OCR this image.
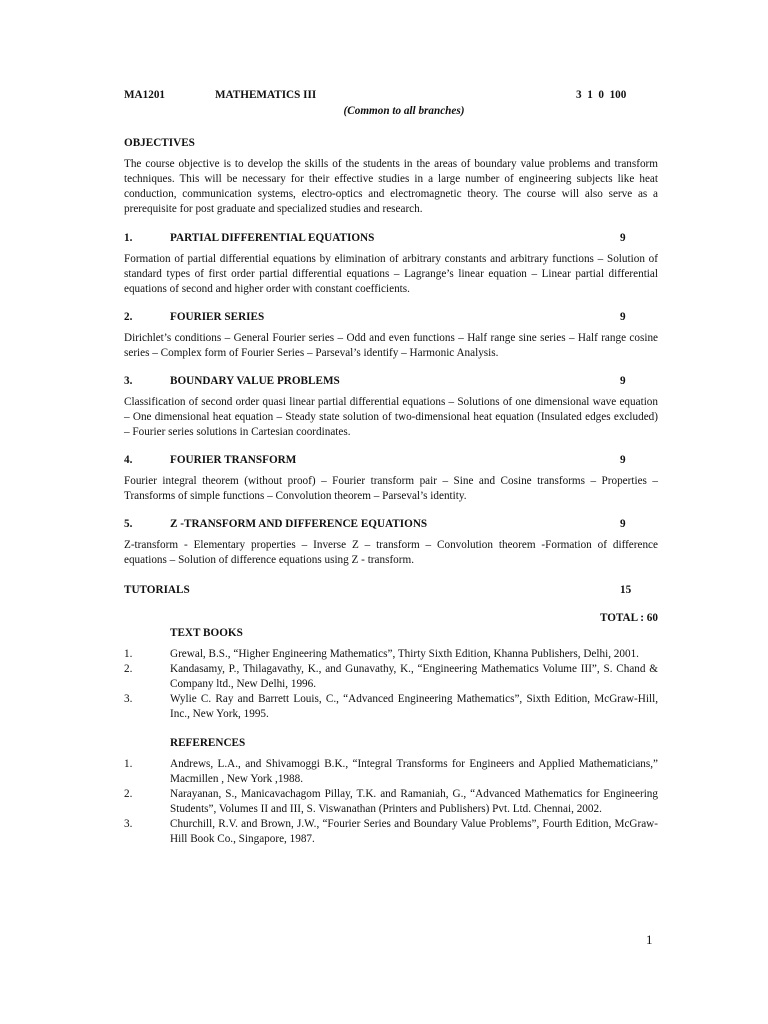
MA1201	MATHEMATICS III	3  1  0  100
(Common to all branches)
OBJECTIVES

The course objective is to develop the skills of the students in the areas of boundary value problems and transform techniques. This will be necessary for their effective studies in a large number of engineering subjects like heat conduction, communication systems, electro-optics and electromagnetic theory. The course will also serve as a prerequisite for post graduate and specialized studies and research.

1.	PARTIAL DIFFERENTIAL EQUATIONS	9

Formation of partial differential equations by elimination of arbitrary constants and arbitrary functions – Solution of standard types of first order partial differential equations – Lagrange’s linear equation – Linear partial differential equations of second and higher order with constant coefficients.

2.	FOURIER SERIES	9

Dirichlet’s conditions – General Fourier series – Odd and even functions – Half range sine series – Half range cosine series – Complex form of Fourier Series – Parseval’s identify – Harmonic Analysis.

3.	BOUNDARY VALUE PROBLEMS	9

Classification of second order quasi linear partial differential equations – Solutions of one dimensional wave equation – One dimensional heat equation – Steady state solution of two-dimensional heat equation (Insulated edges excluded) – Fourier series solutions in Cartesian coordinates.

4.	FOURIER TRANSFORM	9

Fourier integral theorem (without proof) – Fourier transform pair – Sine and Cosine transforms – Properties – Transforms of simple functions – Convolution theorem – Parseval’s identity.

5.	Z -TRANSFORM AND DIFFERENCE EQUATIONS	9

Z-transform - Elementary properties – Inverse Z – transform – Convolution theorem -Formation of difference equations – Solution of difference equations using Z - transform.

TUTORIALS	15
TOTAL : 60
TEXT BOOKS
1.	Grewal, B.S., “Higher Engineering Mathematics”, Thirty Sixth Edition, Khanna Publishers, Delhi, 2001.
2.	Kandasamy, P., Thilagavathy, K., and Gunavathy, K., “Engineering Mathematics Volume III”, S. Chand & Company ltd., New Delhi, 1996.
3.	Wylie C. Ray and Barrett Louis, C., “Advanced Engineering Mathematics”, Sixth Edition, McGraw-Hill, Inc., New York, 1995.
REFERENCES
1.	Andrews, L.A., and Shivamoggi B.K., “Integral Transforms for Engineers and Applied Mathematicians,” Macmillen , New York ,1988.
2.	Narayanan, S., Manicavachagom Pillay, T.K. and Ramaniah, G., “Advanced Mathematics for Engineering Students”, Volumes II and III, S. Viswanathan (Printers and Publishers) Pvt. Ltd. Chennai, 2002.
3.	Churchill, R.V. and Brown, J.W., “Fourier Series and Boundary Value Problems”, Fourth Edition, McGraw-Hill Book Co., Singapore, 1987.
1
